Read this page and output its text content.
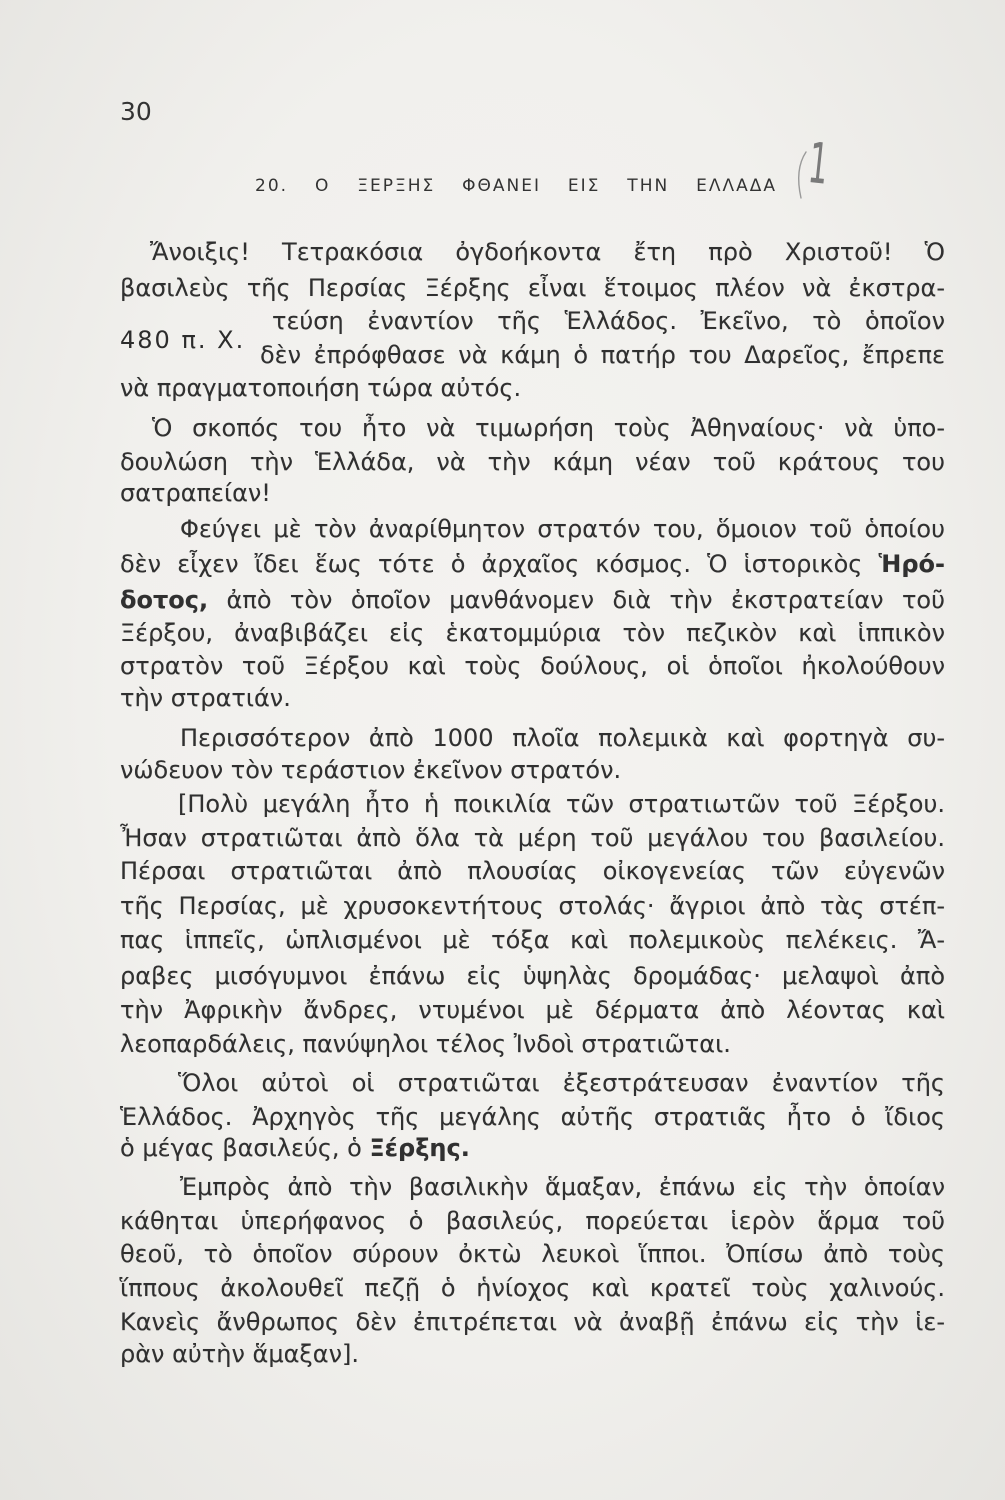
30
1
20. Ο ΞΕΡΞΗΣ ΦΘΑΝΕΙ ΕΙΣ ΤΗΝ ΕΛΛΑΔΑ
480 π. Χ.
Ἄνοιξις! Τετρακόσια ὀγδοήκοντα ἔτη πρὸ Χριστοῦ! Ὁ
βασιλεὺς τῆς Περσίας Ξέρξης εἶναι ἕτοιμος πλέον νὰ ἐκστρα-
τεύση ἐναντίον τῆς Ἑλλάδος. Ἐκεῖνο, τὸ ὁποῖον
δὲν ἐπρόφθασε νὰ κάμη ὁ πατήρ του Δαρεῖος, ἔπρεπε
νὰ πραγματοποιήση τώρα αὐτός.
Ὁ σκοπός του ἦτο νὰ τιμωρήση τοὺς Ἀθηναίους· νὰ ὑπο-
δουλώση τὴν Ἑλλάδα, νὰ τὴν κάμη νέαν τοῦ κράτους του
σατραπείαν!
Φεύγει μὲ τὸν ἀναρίθμητον στρατόν του, ὅμοιον τοῦ ὁποίου
δὲν εἶχεν ἴδει ἕως τότε ὁ ἀρχαῖος κόσμος. Ὁ ἱστορικὸς Ἡρό-
δοτος, ἀπὸ τὸν ὁποῖον μανθάνομεν διὰ τὴν ἐκστρατείαν τοῦ
Ξέρξου, ἀναβιβάζει εἰς ἑκατομμύρια τὸν πεζικὸν καὶ ἱππικὸν
στρατὸν τοῦ Ξέρξου καὶ τοὺς δούλους, οἱ ὁποῖοι ἠκολούθουν
τὴν στρατιάν.
Περισσότερον ἀπὸ 1000 πλοῖα πολεμικὰ καὶ φορτηγὰ συ-
νώδευον τὸν τεράστιον ἐκεῖνον στρατόν.
[Πολὺ μεγάλη ἦτο ἡ ποικιλία τῶν στρατιωτῶν τοῦ Ξέρξου.
Ἦσαν στρατιῶται ἀπὸ ὅλα τὰ μέρη τοῦ μεγάλου του βασιλείου.
Πέρσαι στρατιῶται ἀπὸ πλουσίας οἰκογενείας τῶν εὐγενῶν
τῆς Περσίας, μὲ χρυσοκεντήτους στολάς· ἄγριοι ἀπὸ τὰς στέπ-
πας ἱππεῖς, ὡπλισμένοι μὲ τόξα καὶ πολεμικοὺς πελέκεις. Ἄ-
ραβες μισόγυμνοι ἐπάνω εἰς ὑψηλὰς δρομάδας· μελαψοὶ ἀπὸ
τὴν Ἀφρικὴν ἄνδρες, ντυμένοι μὲ δέρματα ἀπὸ λέοντας καὶ
λεοπαρδάλεις, πανύψηλοι τέλος Ἰνδοὶ στρατιῶται.
Ὅλοι αὐτοὶ οἱ στρατιῶται ἐξεστράτευσαν ἐναντίον τῆς
Ἑλλάδος. Ἀρχηγὸς τῆς μεγάλης αὐτῆς στρατιᾶς ἦτο ὁ ἴδιος
ὁ μέγας βασιλεύς, ὁ Ξέρξης.
Ἐμπρὸς ἀπὸ τὴν βασιλικὴν ἅμαξαν, ἐπάνω εἰς τὴν ὁποίαν
κάθηται ὑπερήφανος ὁ βασιλεύς, πορεύεται ἱερὸν ἅρμα τοῦ
θεοῦ, τὸ ὁποῖον σύρουν ὀκτὼ λευκοὶ ἵπποι. Ὀπίσω ἀπὸ τοὺς
ἵππους ἀκολουθεῖ πεζῇ ὁ ἡνίοχος καὶ κρατεῖ τοὺς χαλινούς.
Κανεὶς ἄνθρωπος δὲν ἐπιτρέπεται νὰ ἀναβῇ ἐπάνω εἰς τὴν ἱε-
ρὰν αὐτὴν ἅμαξαν].
